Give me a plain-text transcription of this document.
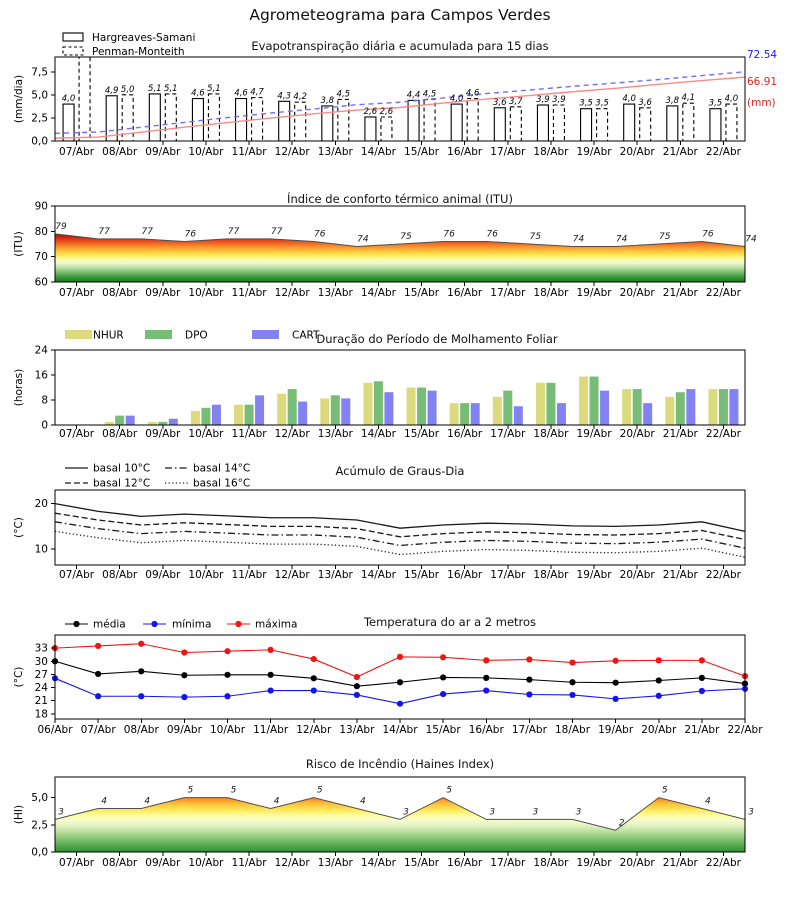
Agrometeograma para Campos Verdes
Evapotranspiração diária e acumulada para 15 dias
Índice de conforto térmico animal (ITU)
Duração do Período de Molhamento Foliar
Acúmulo de Graus-Dia
Temperatura do ar a 2 metros
Risco de Incêndio (Haines Index)
72.54
66.91
(mm)
4,0
4,9	5,1	4,6	4,6	4,3	3,8
2,6
4,4	4,0	3,6	3,9	3,5	4,0	3,8	3,5
5,0	5,1	5,1	4,7	4,2	4,5
2,6
4,5	4,6
3,7	3,9	3,5	3,6	4,1	4,0
0,0
2,5
5,0
7,5
07/Abr 08/Abr 09/Abr 10/Abr 11/Abr 12/Abr 13/Abr 14/Abr 15/Abr 16/Abr 17/Abr 18/Abr 19/Abr 20/Abr 21/Abr 22/Abr
(mm/dia)
Hargreaves-Samani
Penman-Monteith
79
77	77	76	77	77	76
74	75	76	76	75	74	74	75	76
74
60
70
80
90
07/Abr 08/Abr 09/Abr 10/Abr 11/Abr 12/Abr 13/Abr 14/Abr 15/Abr 16/Abr 17/Abr 18/Abr 19/Abr 20/Abr 21/Abr 22/Abr
(ITU)
0
8
16
24
07/Abr 08/Abr 09/Abr 10/Abr 11/Abr 12/Abr 13/Abr 14/Abr 15/Abr 16/Abr 17/Abr 18/Abr 19/Abr 20/Abr 21/Abr 22/Abr
(horas)
NHUR	DPO	CART
10
20
07/Abr 08/Abr 09/Abr 10/Abr 11/Abr 12/Abr 13/Abr 14/Abr 15/Abr 16/Abr 17/Abr 18/Abr 19/Abr 20/Abr 21/Abr 22/Abr
(°C)
basal 10°C
basal 12°C
basal 14°C
basal 16°C
18
21
24
27
30
33
06/Abr 07/Abr 08/Abr 09/Abr 10/Abr 11/Abr 12/Abr 13/Abr 14/Abr 15/Abr 16/Abr 17/Abr 18/Abr 19/Abr 20/Abr 21/Abr 22/Abr
(°C)
média	mínima	máxima
3
4	4
5	5
4
5
4
3
5
3	3	3
2
5
4
3
0,0
2,5
5,0
07/Abr 08/Abr 09/Abr 10/Abr 11/Abr 12/Abr 13/Abr 14/Abr 15/Abr 16/Abr 17/Abr 18/Abr 19/Abr 20/Abr 21/Abr 22/Abr
(HI)
